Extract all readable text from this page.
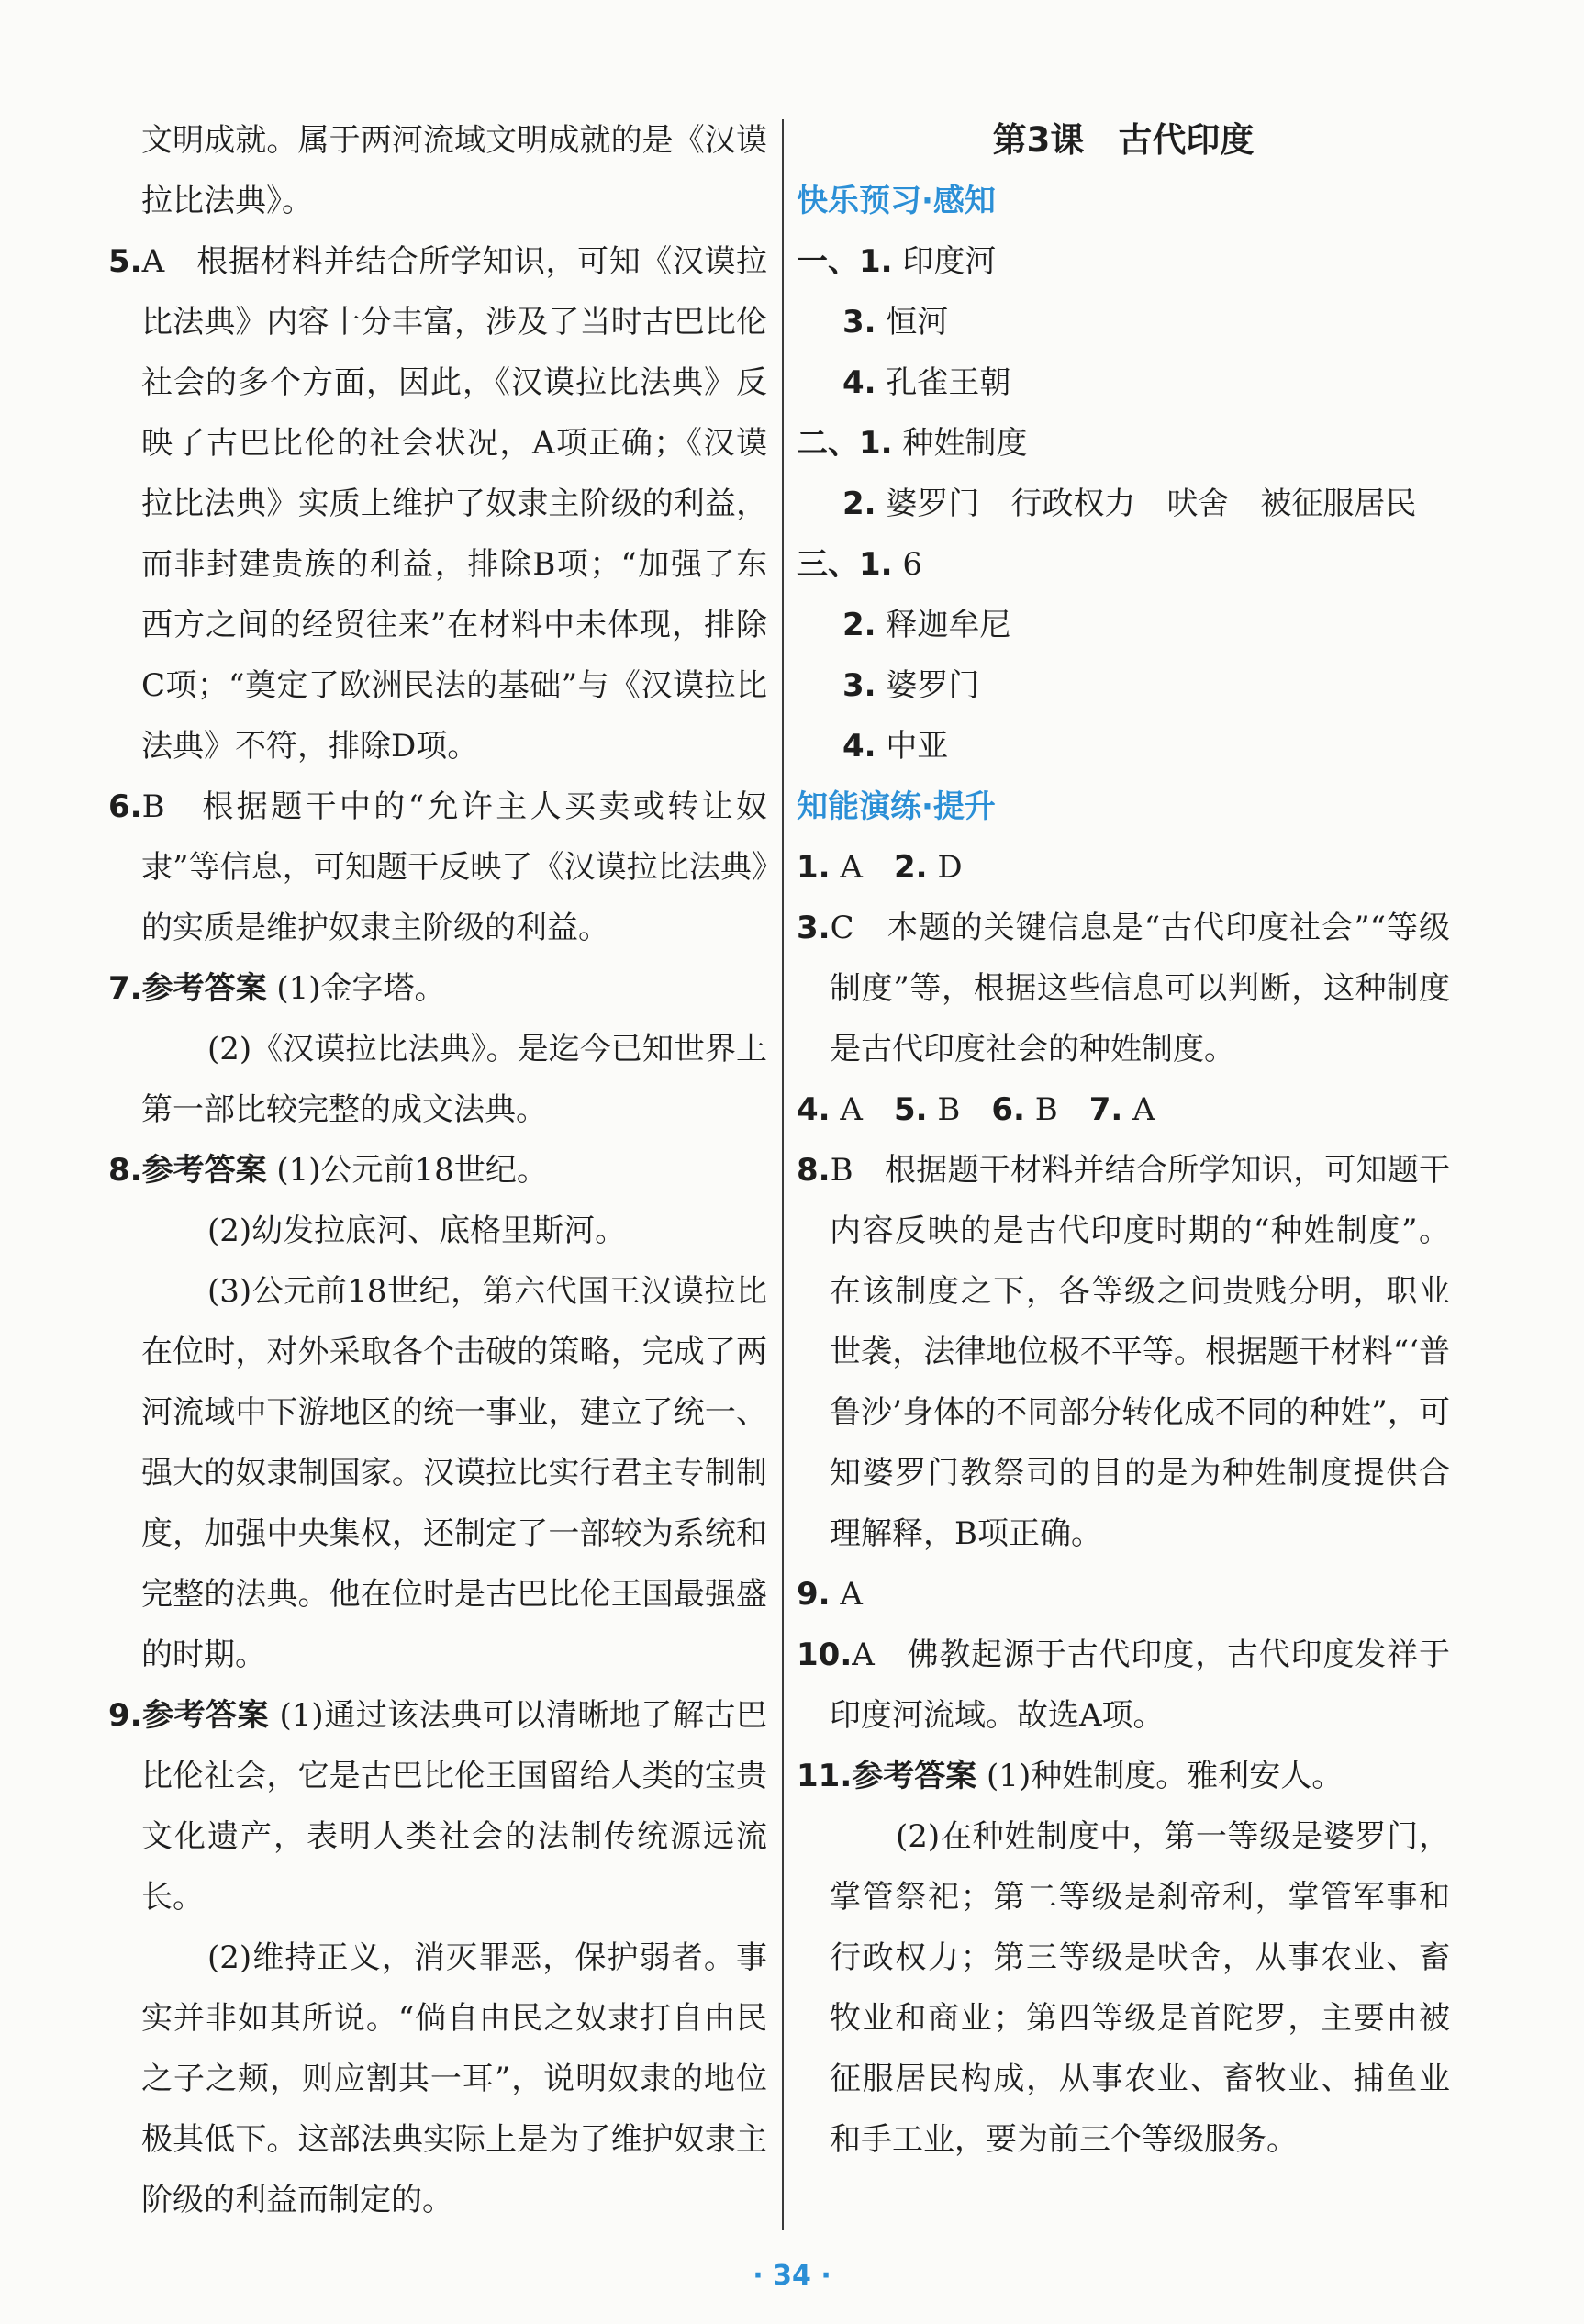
文明成就。属于两河流域文明成就的是《汉谟拉比法典》。

5.A　根据材料并结合所学知识，可知《汉谟拉比法典》内容十分丰富，涉及了当时古巴比伦社会的多个方面，因此，《汉谟拉比法典》反映了古巴比伦的社会状况，A项正确；《汉谟拉比法典》实质上维护了奴隶主阶级的利益，而非封建贵族的利益，排除B项；“加强了东西方之间的经贸往来”在材料中未体现，排除C项；“奠定了欧洲民法的基础”与《汉谟拉比法典》不符，排除D项。

6.B　根据题干中的“允许主人买卖或转让奴隶”等信息，可知题干反映了《汉谟拉比法典》的实质是维护奴隶主阶级的利益。

7.参考答案 (1)金字塔。

(2)《汉谟拉比法典》。是迄今已知世界上第一部比较完整的成文法典。

8.参考答案 (1)公元前18世纪。

(2)幼发拉底河、底格里斯河。

(3)公元前18世纪，第六代国王汉谟拉比在位时，对外采取各个击破的策略，完成了两河流域中下游地区的统一事业，建立了统一、强大的奴隶制国家。汉谟拉比实行君主专制制度，加强中央集权，还制定了一部较为系统和完整的法典。他在位时是古巴比伦王国最强盛的时期。

9.参考答案 (1)通过该法典可以清晰地了解古巴比伦社会，它是古巴比伦王国留给人类的宝贵文化遗产，表明人类社会的法制传统源远流长。

(2)维持正义，消灭罪恶，保护弱者。事实并非如其所说。“倘自由民之奴隶打自由民之子之颊，则应割其一耳”，说明奴隶的地位极其低下。这部法典实际上是为了维护奴隶主阶级的利益而制定的。

第3课　古代印度
快乐预习·感知

一、1. 印度河

3. 恒河

4. 孔雀王朝

二、1. 种姓制度

2. 婆罗门　行政权力　吠舍　被征服居民

三、1. 6

2. 释迦牟尼

3. 婆罗门

4. 中亚

知能演练·提升

1. A　 2. D

3.C　本题的关键信息是“古代印度社会”“等级制度”等，根据这些信息可以判断，这种制度是古代印度社会的种姓制度。

4. A　 5. B　 6. B　 7. A

8.B　根据题干材料并结合所学知识，可知题干内容反映的是古代印度时期的“种姓制度”。在该制度之下，各等级之间贵贱分明，职业世袭，法律地位极不平等。根据题干材料“‘普鲁沙’身体的不同部分转化成不同的种姓”，可知婆罗门教祭司的目的是为种姓制度提供合理解释，B项正确。

9. A

10.A　佛教起源于古代印度，古代印度发祥于印度河流域。故选A项。

11.参考答案 (1)种姓制度。雅利安人。

(2)在种姓制度中，第一等级是婆罗门，掌管祭祀；第二等级是刹帝利，掌管军事和行政权力；第三等级是吠舍，从事农业、畜牧业和商业；第四等级是首陀罗，主要由被征服居民构成，从事农业、畜牧业、捕鱼业和手工业，要为前三个等级服务。

· 34 ·
